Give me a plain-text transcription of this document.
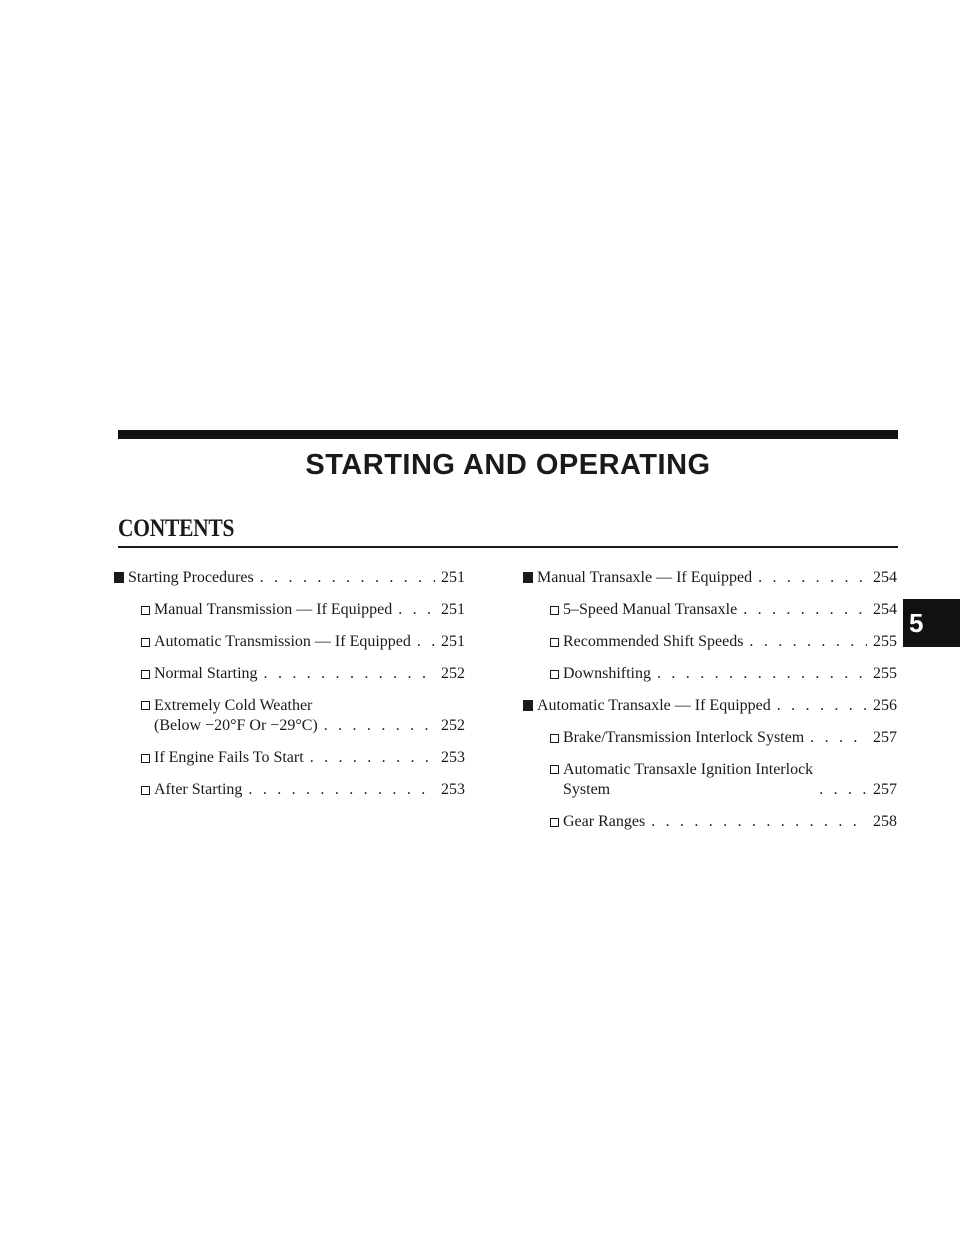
STARTING AND OPERATING
CONTENTS
Starting Procedures . . .	251
Manual Transmission — If Equipped . . .	251
Automatic Transmission — If Equipped . . . 251
Normal Starting . . .	252
Extremely Cold Weather
(Below −20°F Or −29°C) . . .	252
If Engine Fails To Start . . .	253
After Starting . . .	253
Manual Transaxle — If Equipped . . .	254
5–Speed Manual Transaxle . . .	254
Recommended Shift Speeds . . .	255
Downshifting . . .	255
Automatic Transaxle — If Equipped . . .	256
Brake/Transmission Interlock System . . .	257
Automatic Transaxle Ignition Interlock
System . . .	257
Gear Ranges . . .	258
5
